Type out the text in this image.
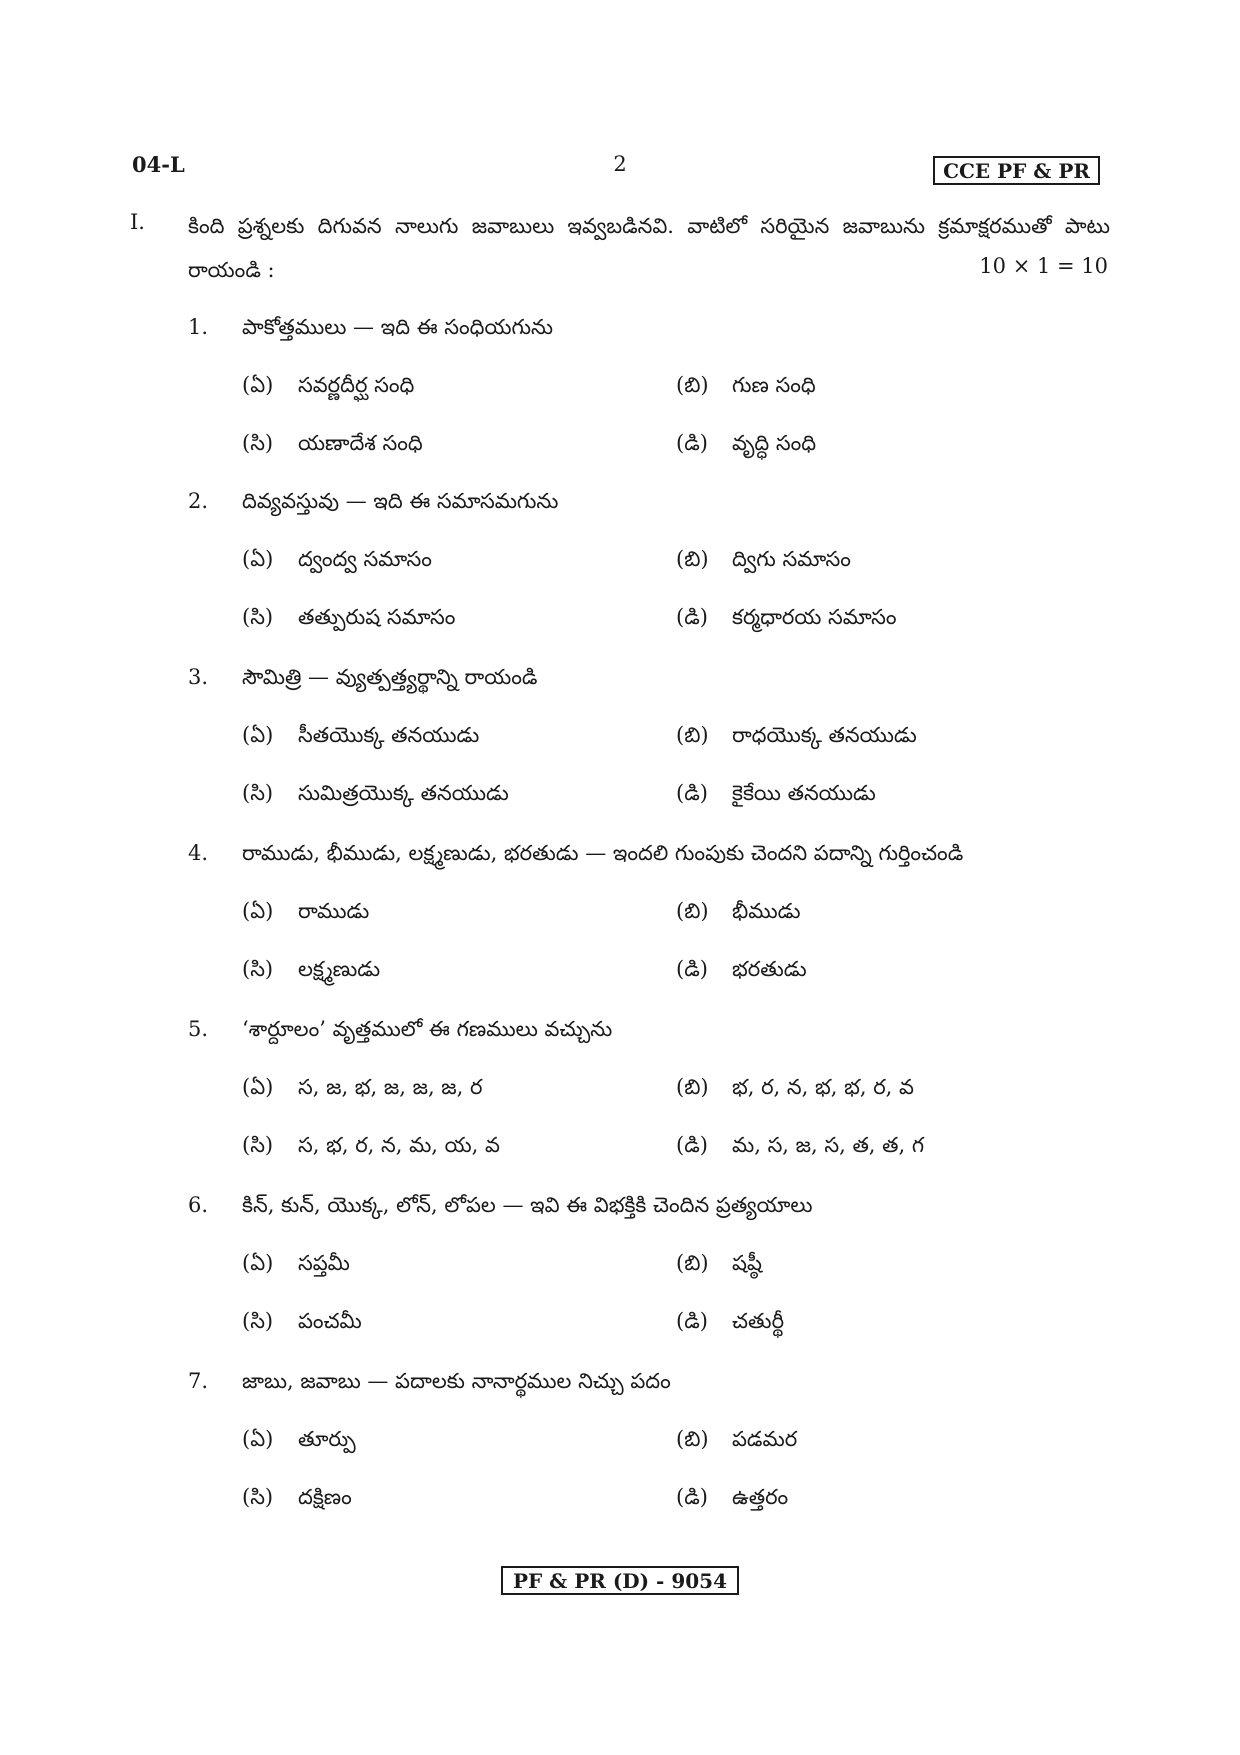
04-L	2	CCE PF & PR
I. కింది ప్రశ్నలకు దిగువన నాలుగు జవాబులు ఇవ్వబడినవి. వాటిలో సరియైన జవాబును క్రమాక్షరముతో పాటు రాయండి :	10 × 1 = 10
1. పాకోత్తములు — ఇది ఈ సంధియగును
(ఏ) సవర్ణదీర్ఘ సంధి	(బి) గుణ సంధి
(సి) యణాదేశ సంధి	(డి) వృద్ధి సంధి
2. దివ్యవస్తువు — ఇది ఈ సమాసమగును
(ఏ) ద్వంద్వ సమాసం	(బి) ద్విగు సమాసం
(సి) తత్పురుష సమాసం	(డి) కర్మధారయ సమాసం
3. సౌమిత్రి — వ్యుత్పత్త్యర్థాన్ని రాయండి
(ఏ) సీతయొక్క తనయుడు	(బి) రాధయొక్క తనయుడు
(సి) సుమిత్రయొక్క తనయుడు	(డి) కైకేయి తనయుడు
4. రాముడు, భీముడు, లక్ష్మణుడు, భరతుడు — ఇందలి గుంపుకు చెందని పదాన్ని గుర్తించండి
(ఏ) రాముడు	(బి) భీముడు
(సి) లక్ష్మణుడు	(డి) భరతుడు
5. ‘శార్దూలం’ వృత్తములో ఈ గణములు వచ్చును
(ఏ) స, జ, భ, జ, జ, జ, ర	(బి) భ, ర, న, భ, భ, ర, వ
(సి) స, భ, ర, న, మ, య, వ	(డి) మ, స, జ, స, త, త, గ
6. కిన్, కున్, యొక్క, లోన్, లోపల — ఇవి ఈ విభక్తికి చెందిన ప్రత్యయాలు
(ఏ) సప్తమీ	(బి) షష్ఠీ
(సి) పంచమీ	(డి) చతుర్థీ
7. జాబు, జవాబు — పదాలకు నానార్థముల నిచ్చు పదం
(ఏ) తూర్పు	(బి) పడమర
(సి) దక్షిణం	(డి) ఉత్తరం
PF & PR (D) - 9054
